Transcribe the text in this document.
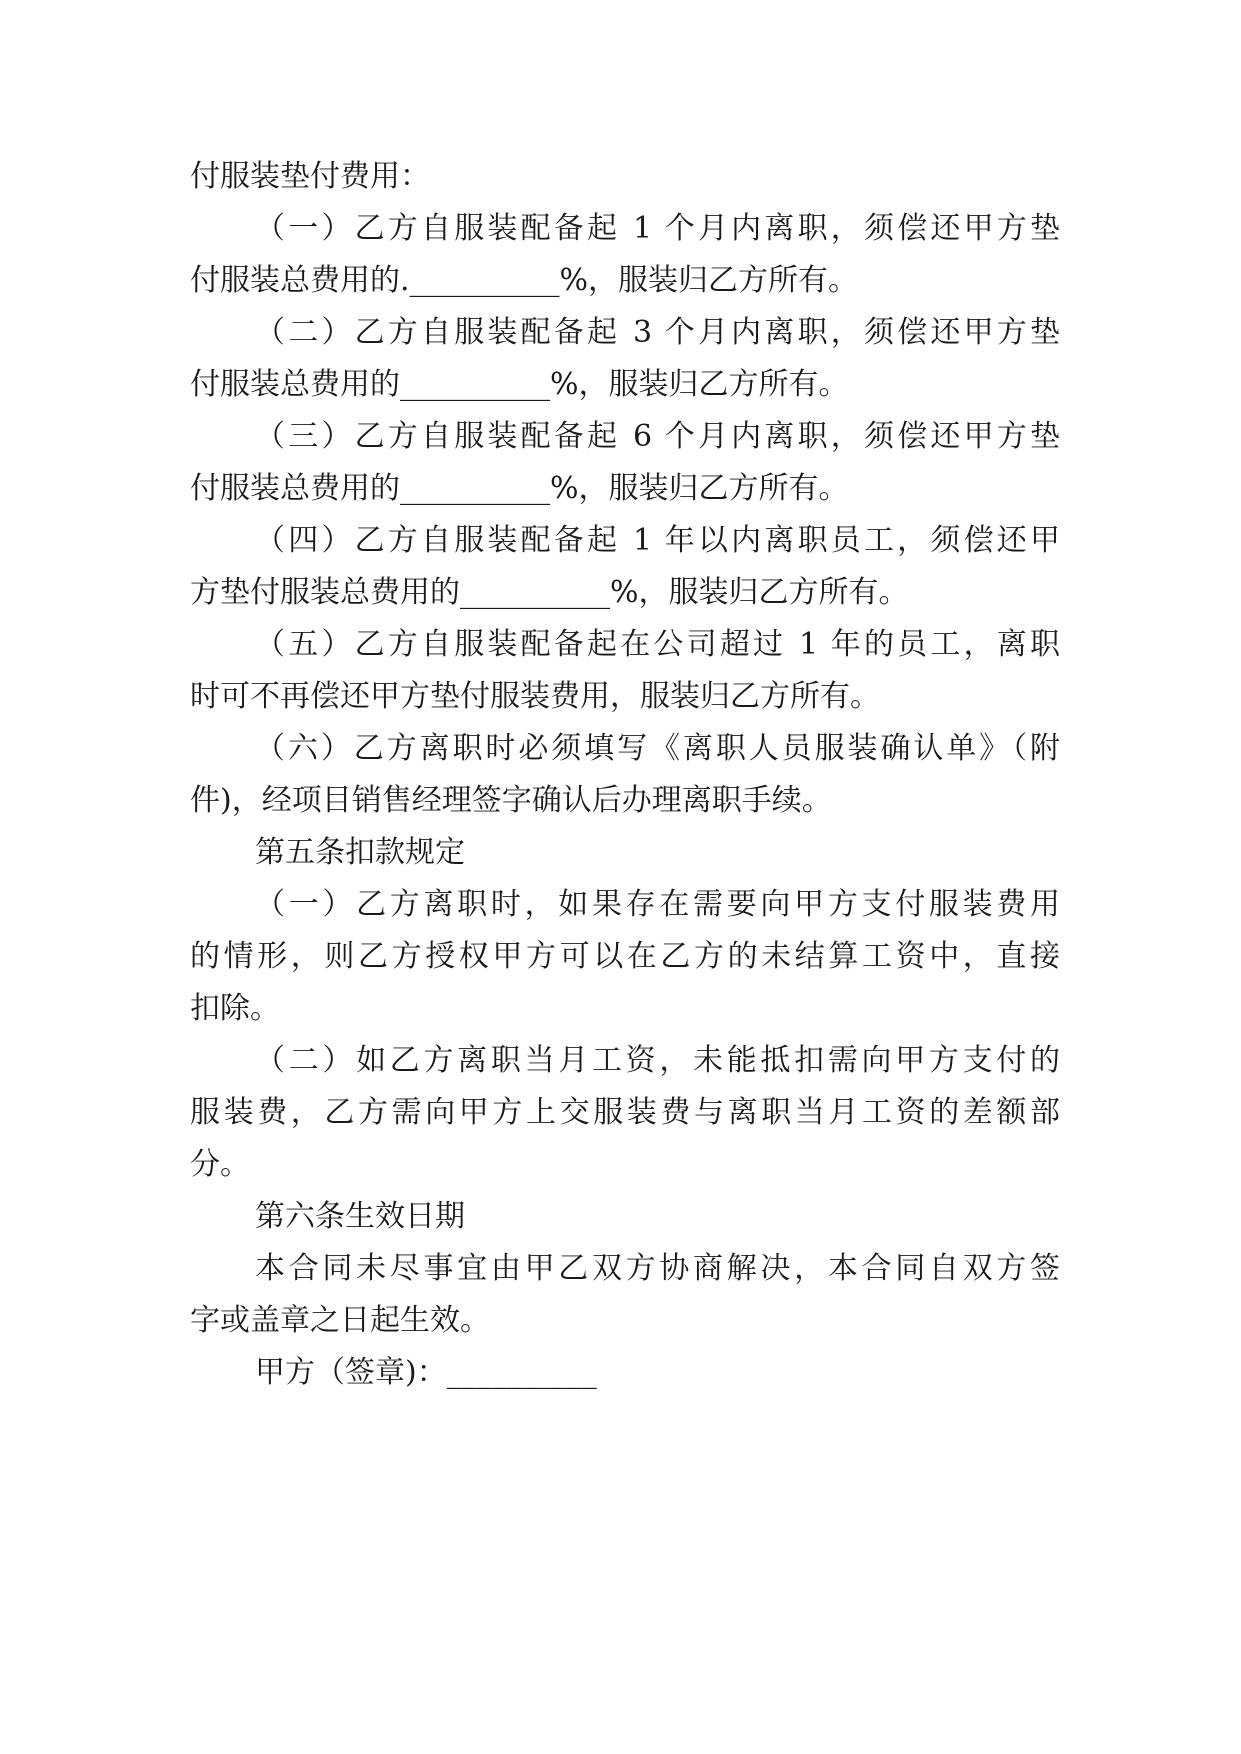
付服装垫付费用：
（一）乙方自服装配备起 1 个月内离职，须偿还甲方垫
付服装总费用的.__________%，服装归乙方所有。
（二）乙方自服装配备起 3 个月内离职，须偿还甲方垫
付服装总费用的__________%，服装归乙方所有。
（三）乙方自服装配备起 6 个月内离职，须偿还甲方垫
付服装总费用的__________%，服装归乙方所有。
（四）乙方自服装配备起 1 年以内离职员工，须偿还甲
方垫付服装总费用的__________%，服装归乙方所有。
（五）乙方自服装配备起在公司超过 1 年的员工，离职
时可不再偿还甲方垫付服装费用，服装归乙方所有。
（六）乙方离职时必须填写《离职人员服装确认单》（附
件)，经项目销售经理签字确认后办理离职手续。
第五条扣款规定
（一）乙方离职时，如果存在需要向甲方支付服装费用
的情形，则乙方授权甲方可以在乙方的未结算工资中，直接
扣除。
（二）如乙方离职当月工资，未能抵扣需向甲方支付的
服装费，乙方需向甲方上交服装费与离职当月工资的差额部
分。
第六条生效日期
本合同未尽事宜由甲乙双方协商解决，本合同自双方签
字或盖章之日起生效。
甲方（签章)：__________
